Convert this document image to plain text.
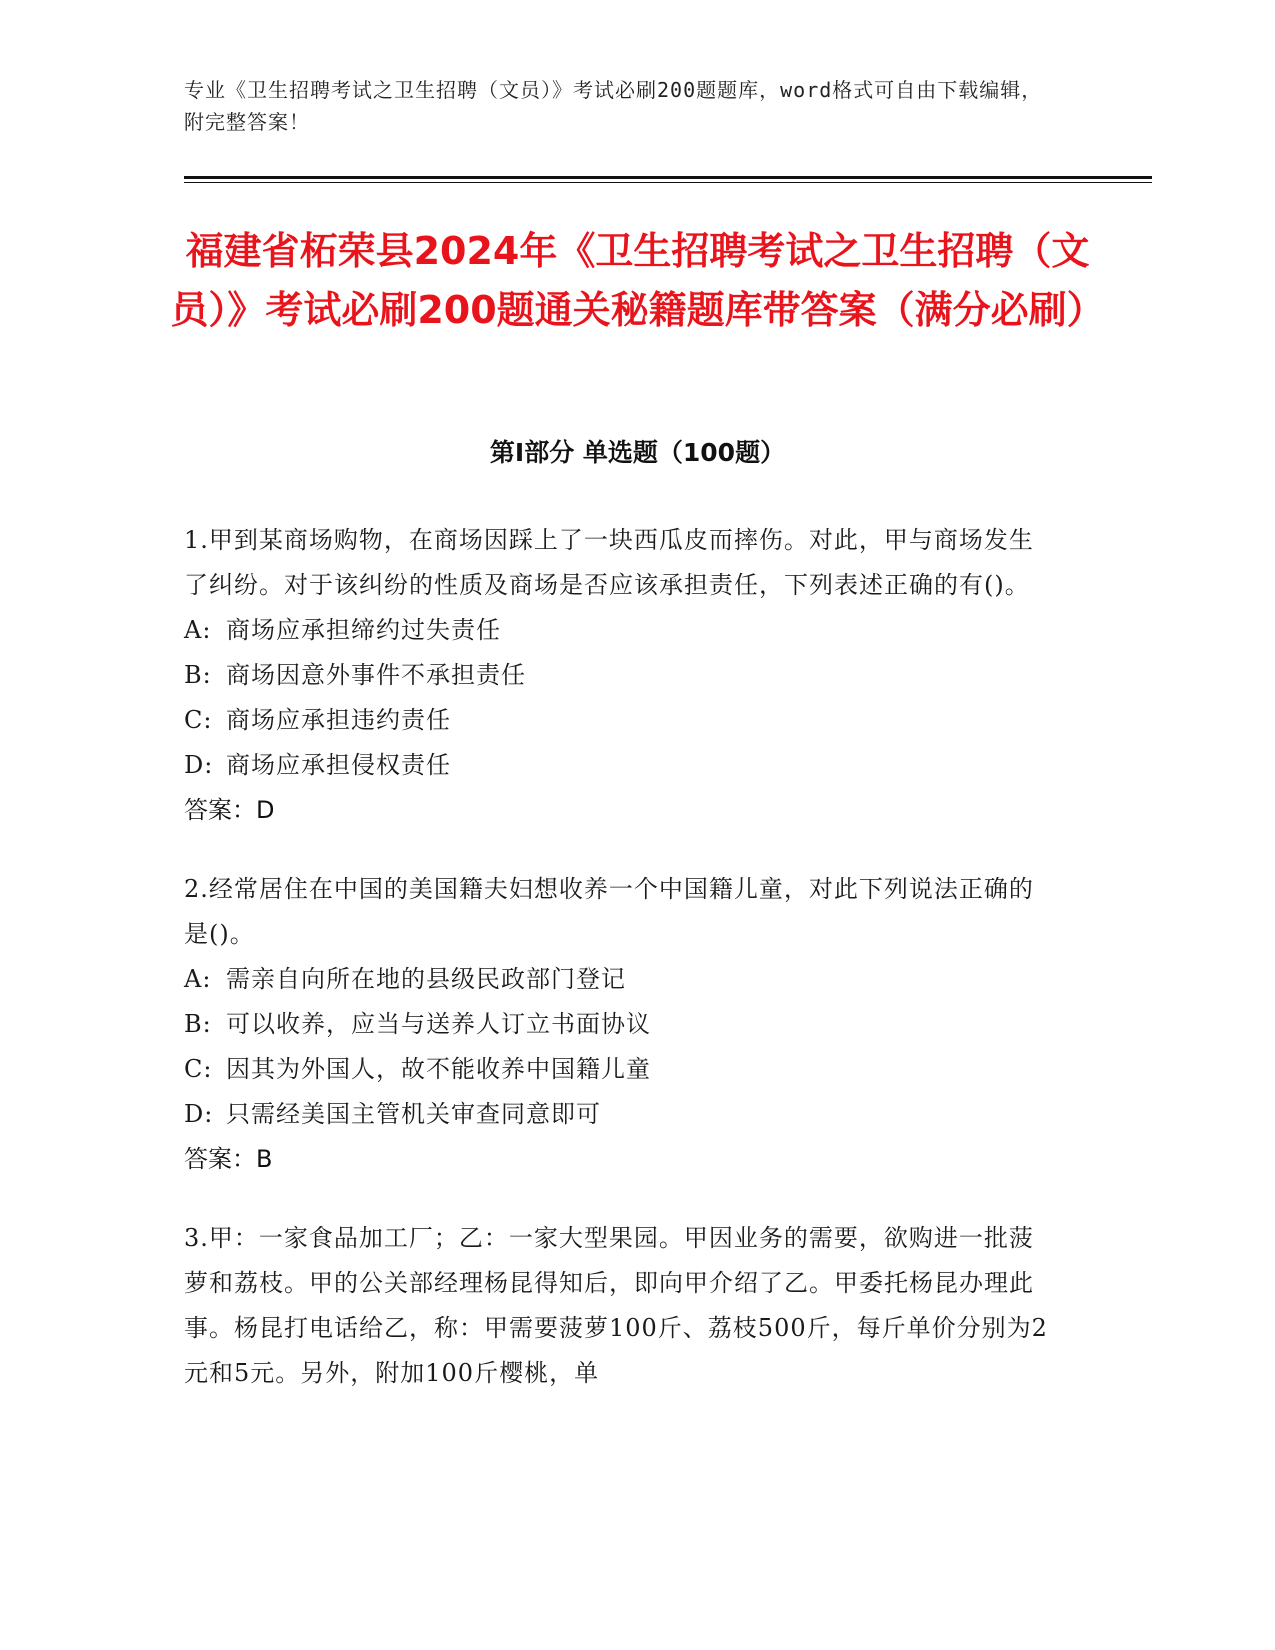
专业《卫生招聘考试之卫生招聘（文员）》考试必刷200题题库，word格式可自由下载编辑，附完整答案！
福建省柘荣县2024年《卫生招聘考试之卫生招聘（文员）》考试必刷200题通关秘籍题库带答案（满分必刷）
第Ⅰ部分 单选题（100题）
1.甲到某商场购物，在商场因踩上了一块西瓜皮而摔伤。对此，甲与商场发生了纠纷。对于该纠纷的性质及商场是否应该承担责任，下列表述正确的有()。
A: 商场应承担缔约过失责任
B: 商场因意外事件不承担责任
C: 商场应承担违约责任
D: 商场应承担侵权责任
答案：D
2.经常居住在中国的美国籍夫妇想收养一个中国籍儿童，对此下列说法正确的是()。
A: 需亲自向所在地的县级民政部门登记
B: 可以收养，应当与送养人订立书面协议
C: 因其为外国人，故不能收养中国籍儿童
D: 只需经美国主管机关审查同意即可
答案：B
3.甲：一家食品加工厂；乙：一家大型果园。甲因业务的需要，欲购进一批菠萝和荔枝。甲的公关部经理杨昆得知后，即向甲介绍了乙。甲委托杨昆办理此事。杨昆打电话给乙，称：甲需要菠萝100斤、荔枝500斤，每斤单价分别为2元和5元。另外，附加100斤樱桃，单
